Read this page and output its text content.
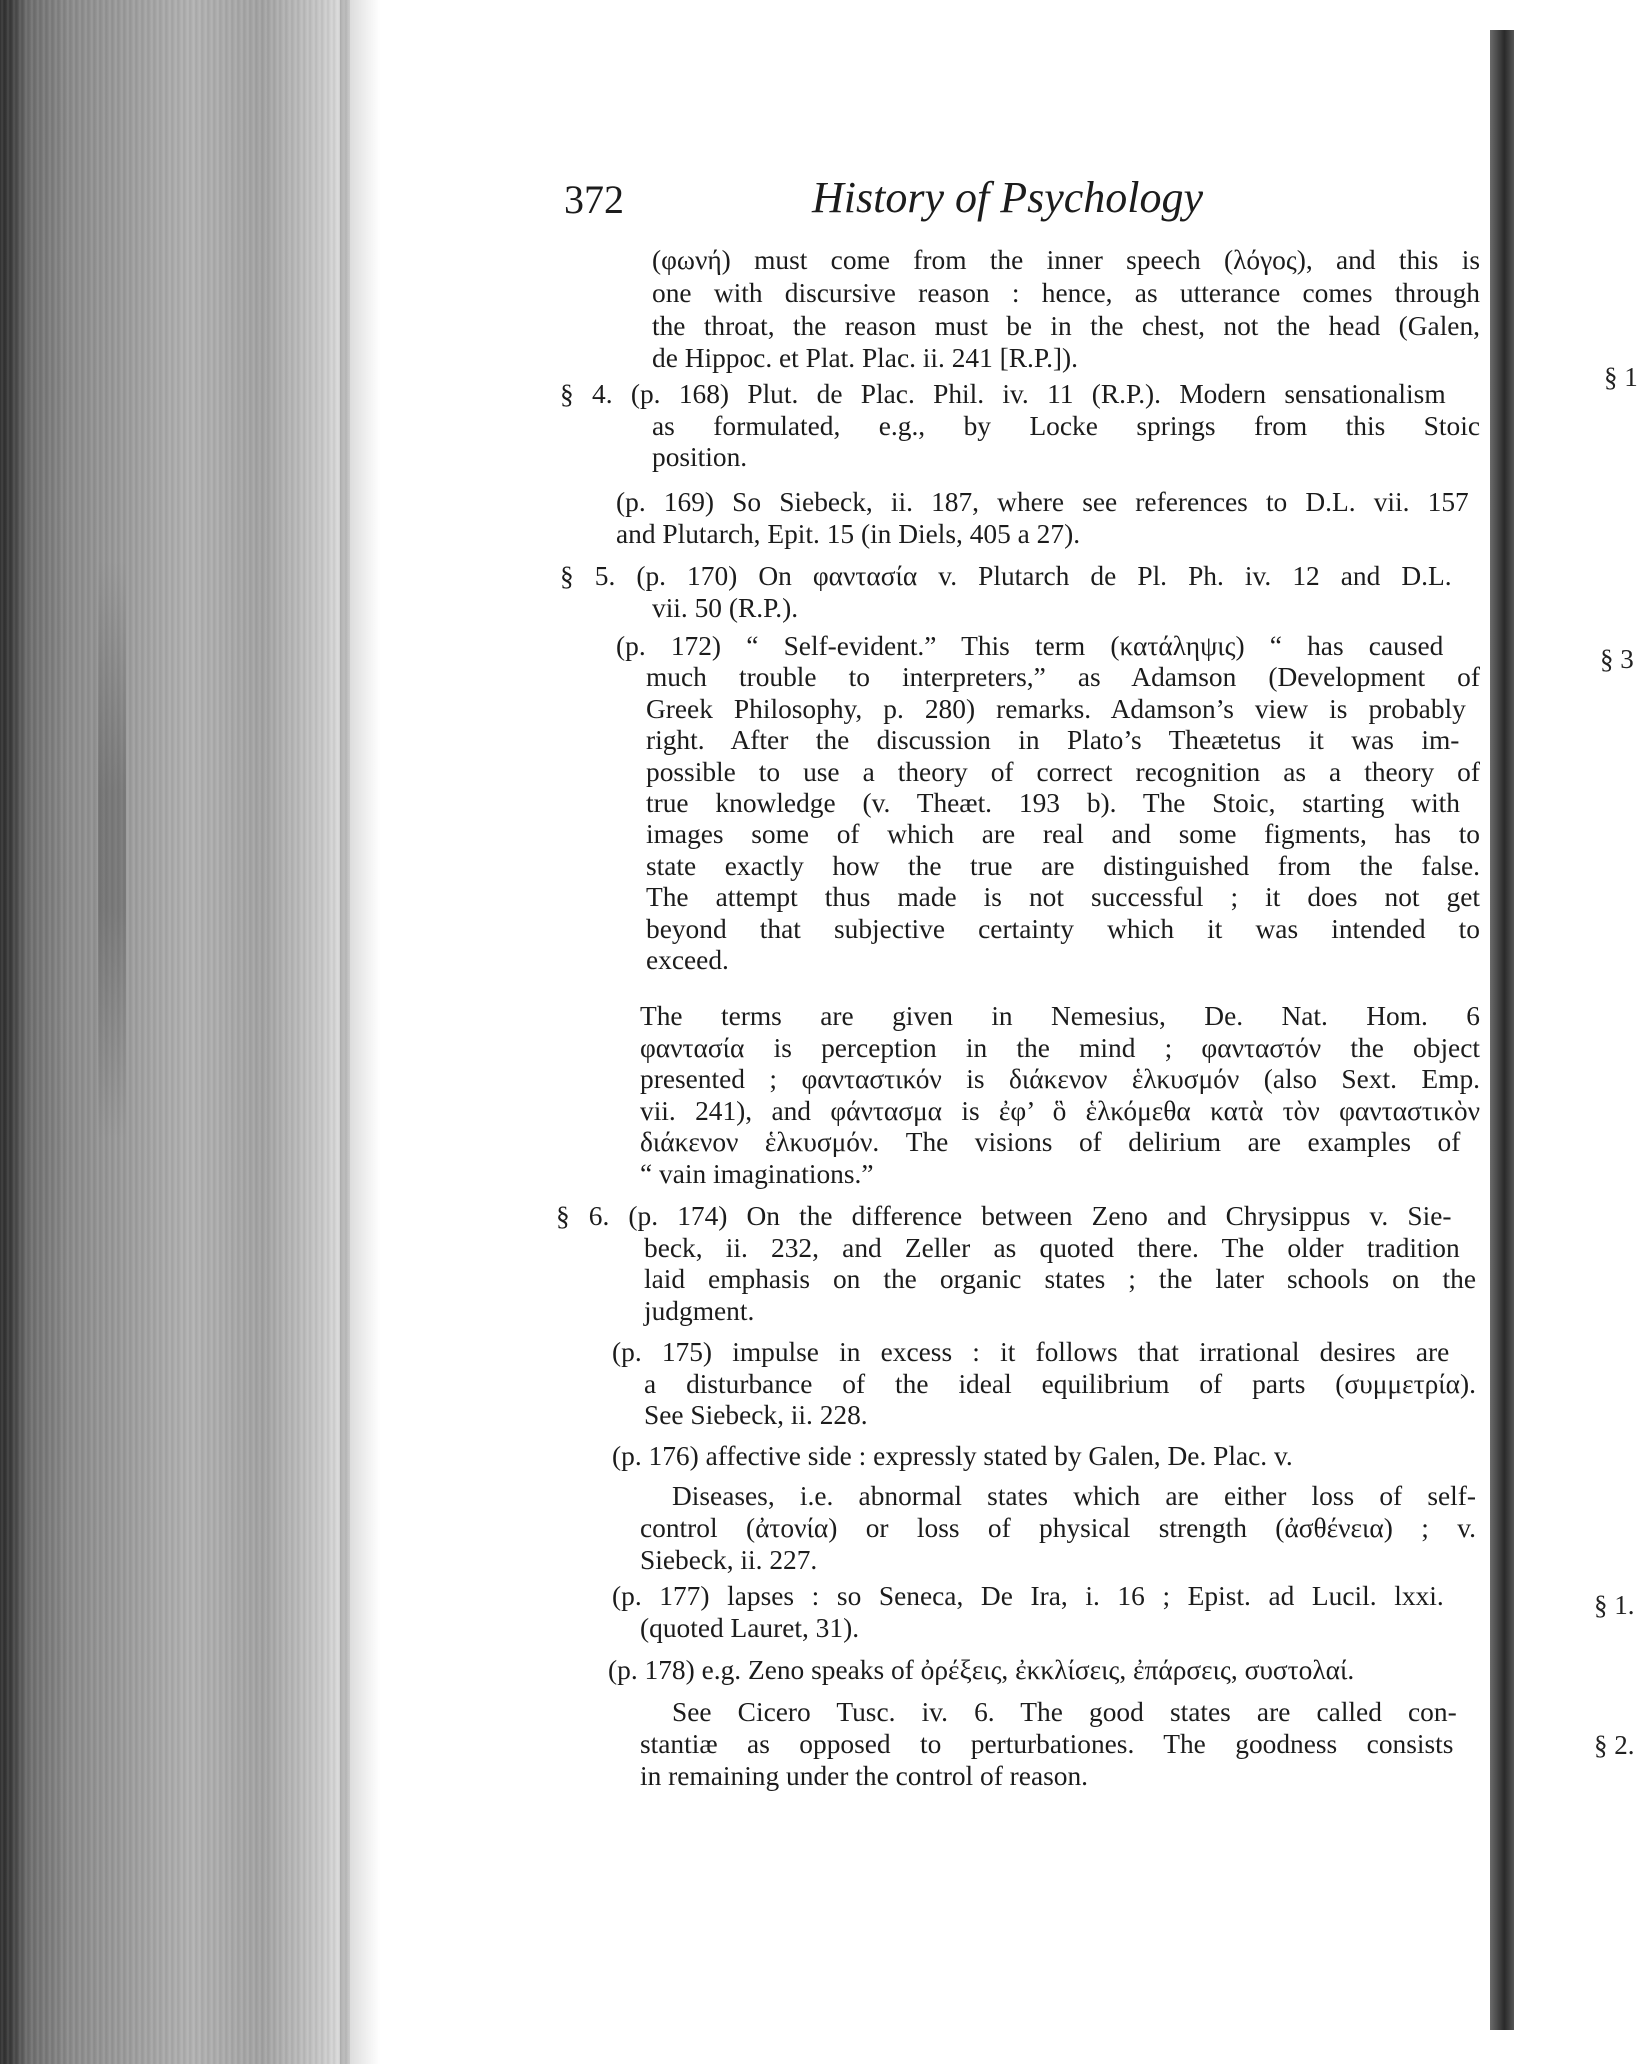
372	History of Psychology
(φωνή) must come from the inner speech (λόγος), and this is
one with discursive reason : hence, as utterance comes through
the throat, the reason must be in the chest, not the head (Galen,
de Hippoc. et Plat. Plac. ii. 241 [R.P.]).
§ 4. (p. 168) Plut. de Plac. Phil. iv. 11 (R.P.). Modern sensationalism
as formulated, e.g., by Locke springs from this Stoic
position.
(p. 169) So Siebeck, ii. 187, where see references to D.L. vii. 157
and Plutarch, Epit. 15 (in Diels, 405 a 27).
§ 5. (p. 170) On φαντασία v. Plutarch de Pl. Ph. iv. 12 and D.L.
vii. 50 (R.P.).
(p. 172) “ Self-evident.” This term (κατάληψις) “ has caused
much trouble to interpreters,” as Adamson (Development of
Greek Philosophy, p. 280) remarks. Adamson’s view is probably
right. After the discussion in Plato’s Theætetus it was im-
possible to use a theory of correct recognition as a theory of
true knowledge (v. Theæt. 193 b). The Stoic, starting with
images some of which are real and some figments, has to
state exactly how the true are distinguished from the false.
The attempt thus made is not successful ; it does not get
beyond that subjective certainty which it was intended to
exceed.
The terms are given in Nemesius, De. Nat. Hom. 6
φαντασία is perception in the mind ; φανταστόν the object
presented ; φανταστικόν is διάκενον ἑλκυσμόν (also Sext. Emp.
vii. 241), and φάντασμα is ἐφ’ ὃ ἑλκόμεθα κατὰ τὸν φανταστικὸν
διάκενον ἑλκυσμόν. The visions of delirium are examples of
“ vain imaginations.”
§ 6. (p. 174) On the difference between Zeno and Chrysippus v. Sie-
beck, ii. 232, and Zeller as quoted there. The older tradition
laid emphasis on the organic states ; the later schools on the
judgment.
(p. 175) impulse in excess : it follows that irrational desires are
a disturbance of the ideal equilibrium of parts (συμμετρία).
See Siebeck, ii. 228.
(p. 176) affective side : expressly stated by Galen, De. Plac. v.
Diseases, i.e. abnormal states which are either loss of self-
control (ἀτονία) or loss of physical strength (ἀσθένεια) ; v.
Siebeck, ii. 227.
(p. 177) lapses : so Seneca, De Ira, i. 16 ; Epist. ad Lucil. lxxi.
(quoted Lauret, 31).
(p. 178) e.g. Zeno speaks of ὀρέξεις, ἐκκλίσεις, ἐπάρσεις, συστολαί.
See Cicero Tusc. iv. 6. The good states are called con-
stantiæ as opposed to perturbationes. The goodness consists
in remaining under the control of reason.
§ 1
§ 3
§ 1.
§ 2.
